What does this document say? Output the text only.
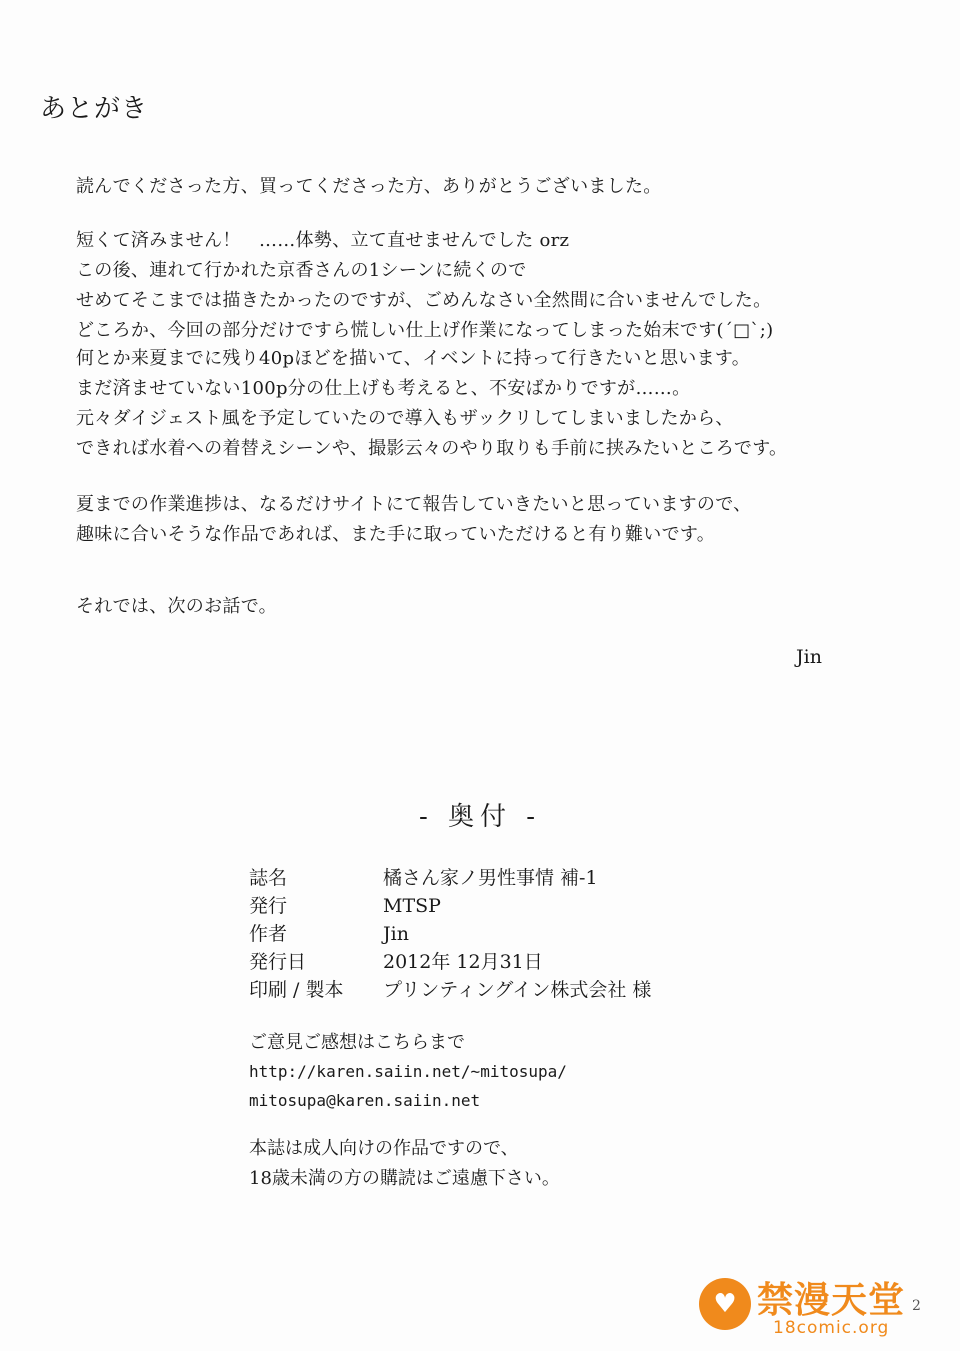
あとがき
読んでくださった方、買ってくださった方、ありがとうございました。
短くて済みません！　……体勢、立て直せませんでした orz
この後、連れて行かれた京香さんの1シーンに続くので
せめてそこまでは描きたかったのですが、ごめんなさい全然間に合いませんでした。
どころか、今回の部分だけですら慌しい仕上げ作業になってしまった始末です(´□`;)
何とか来夏までに残り40pほどを描いて、イベントに持って行きたいと思います。
まだ済ませていない100p分の仕上げも考えると、不安ばかりですが……。
元々ダイジェスト風を予定していたので導入もザックリしてしまいましたから、
できれば水着への着替えシーンや、撮影云々のやり取りも手前に挟みたいところです。
夏までの作業進捗は、なるだけサイトにて報告していきたいと思っていますので、
趣味に合いそうな作品であれば、また手に取っていただけると有り難いです。
それでは、次のお話で。
Jin
- 奥付 -
誌名	橘さん家ノ男性事情 補-1
発行	MTSP
作者	Jin
発行日	2012年 12月31日
印刷 / 製本	プリンティングイン株式会社 様
ご意見ご感想はこちらまで
http://karen.saiin.net/~mitosupa/
mitosupa@karen.saiin.net
本誌は成人向けの作品ですので、
18歳未満の方の購読はご遠慮下さい。
♥ 禁漫天堂
18comic.org
2
